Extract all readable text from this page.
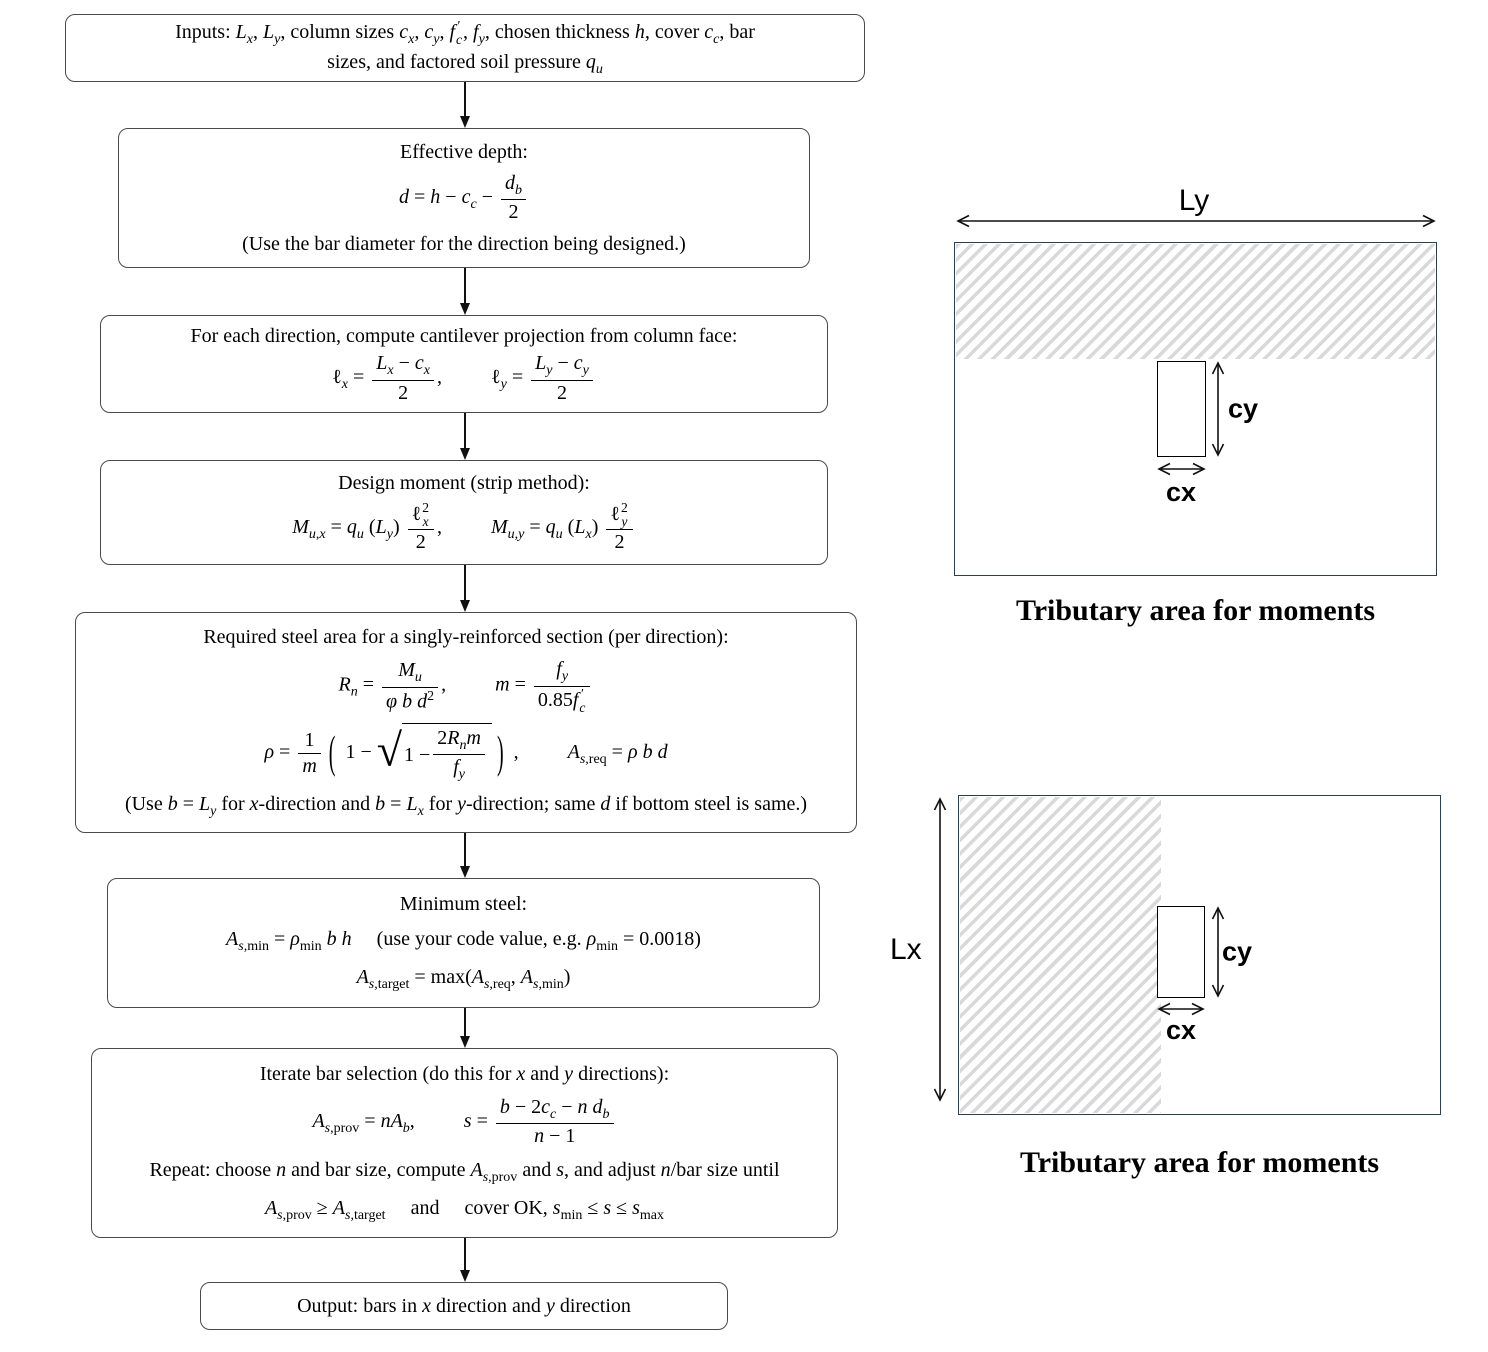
Inputs: $L_x$, $L_y$, column sizes $c_x$, $c_y$, f ′
c , $f_y$, chosen thickness h, cover $c_c$, bar sizes, and factored soil pressure $q_u$
Effective depth:
$d = h - c_c - \frac{d_b}{2}$
(Use the bar diameter for the direction being designed.)
For each direction, compute cantilever projection from column face:
ℓ$_x$ = $\frac{L_x - c_x}{2}$ , ℓ$_y$ = $\frac{L_y - c_y}{2}$
Design moment (strip method):
$M_{u,x} = q_u$ $(L_y)$ ℓ 2
x
2 , $M_{u,y} = q_u$ $(L_x)$ ℓ 2
y
2
Required steel area for a singly-reinforced section (per direction):
$R_n = \frac{M_u}{\varphi b d^2}$ , $m = f_y$
0.85f ′
c
$\rho = \frac{1}{m}$ ( 1 − √ $1 - \frac{2R_nm}{f_y}$ ) , $A_{s,req} = \rho$ b d
(Use $b = L_y$ for x-direction and $b = L_x$ for y-direction; same d if bottom steel is same.)
Minimum steel:
$A_{s,min} = \rho_{min}$ b h (use your code value, e.g. $\rho_{min} = 0.0018$)
$A_{s,target} = \max(A_{s,req}$, $A_{s,min}$)
Iterate bar selection (do this for x and y directions):
$A_{s,prov} = nA_b$, $s = \frac{b - 2c_c - n d_b}{n - 1}$
Repeat: choose n and bar size, compute $A_{s,prov}$ and s, and adjust n/bar size until
$A_{s,prov} \ge A_{s,target}$ and cover OK, $s_{min} \le s \le s_{max}$
Output: bars in x direction and y direction
Ly
cy
cx
Tributary area for moments
Lx	cy
cx
Tributary area for moments
